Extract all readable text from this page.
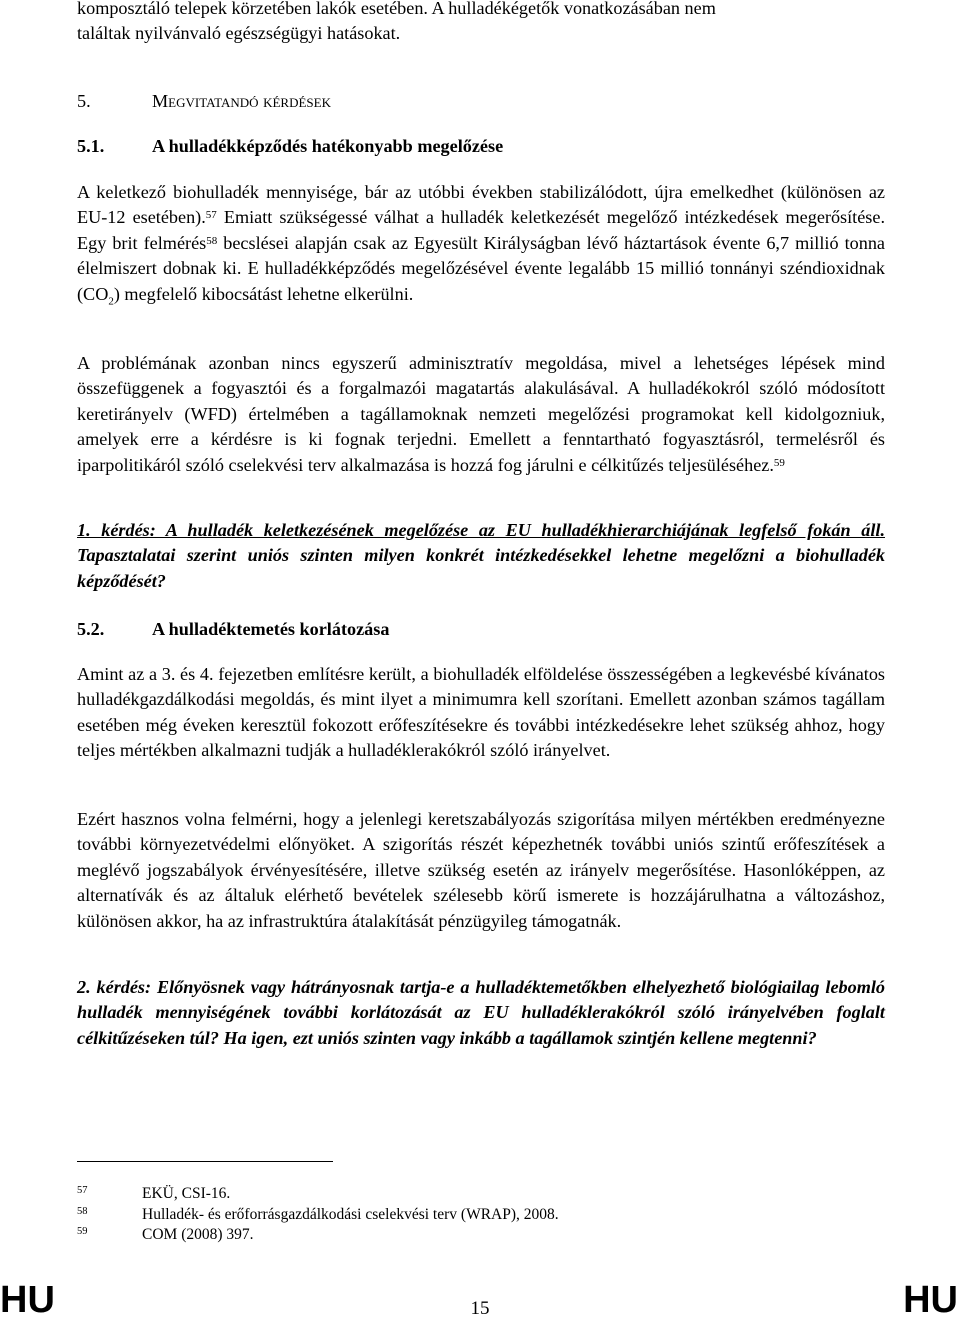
komposztáló telepek körzetében lakók esetében. A hulladékégetők vonatkozásában nem
találtak nyilvánvaló egészségügyi hatásokat.

5.	Megvitatandó kérdések
5.1.	A hulladékképződés hatékonyabb megelőzése

A keletkező biohulladék mennyisége, bár az utóbbi években stabilizálódott, újra emelkedhet (különösen az EU-12 esetében).$^{57}$ Emiatt szükségessé válhat a hulladék keletkezését megelőző intézkedések megerősítése. Egy brit felmérés$^{58}$ becslései alapján csak az Egyesült Királyságban lévő háztartások évente 6,7 millió tonna élelmiszert dobnak ki. E hulladékképződés megelőzésével évente legalább 15 millió tonnányi széndioxidnak $(CO_2)$ megfelelő kibocsátást lehetne elkerülni.

A problémának azonban nincs egyszerű adminisztratív megoldása, mivel a lehetséges lépések mind összefüggenek a fogyasztói és a forgalmazói magatartás alakulásával. A hulladékokról szóló módosított keretirányelv (WFD) értelmében a tagállamoknak nemzeti megelőzési programokat kell kidolgozniuk, amelyek erre a kérdésre is ki fognak terjedni. Emellett a fenntartható fogyasztásról, termelésről és iparpolitikáról szóló cselekvési terv alkalmazása is hozzá fog járulni e célkitűzés teljesüléséhez.$^{59}$

1. kérdés: A hulladék keletkezésének megelőzése az EU hulladékhierarchiájának legfelső fokán áll. Tapasztalatai szerint uniós szinten milyen konkrét intézkedésekkel lehetne megelőzni a biohulladék képződését?

5.2.	A hulladéktemetés korlátozása

Amint az a 3. és 4. fejezetben említésre került, a biohulladék elföldelése összességében a legkevésbé kívánatos hulladékgazdálkodási megoldás, és mint ilyet a minimumra kell szorítani. Emellett azonban számos tagállam esetében még éveken keresztül fokozott erőfeszítésekre és további intézkedésekre lehet szükség ahhoz, hogy teljes mértékben alkalmazni tudják a hulladéklerakókról szóló irányelvet.

Ezért hasznos volna felmérni, hogy a jelenlegi keretszabályozás szigorítása milyen mértékben eredményezne további környezetvédelmi előnyöket. A szigorítás részét képezhetnék további uniós szintű erőfeszítések a meglévő jogszabályok érvényesítésére, illetve szükség esetén az irányelv megerősítése. Hasonlóképpen, az alternatívák és az általuk elérhető bevételek szélesebb körű ismerete is hozzájárulhatna a változáshoz, különösen akkor, ha az infrastruktúra átalakítását pénzügyileg támogatnák.

2. kérdés: Előnyösnek vagy hátrányosnak tartja-e a hulladéktemetőkben elhelyezhető biológiailag lebomló hulladék mennyiségének további korlátozását az EU hulladéklerakókról szóló irányelvében foglalt célkitűzéseken túl? Ha igen, ezt uniós szinten vagy inkább a tagállamok szintjén kellene megtenni?

57	EKÜ, CSI-16.
58	Hulladék- és erőforrásgazdálkodási cselekvési terv (WRAP), 2008.
59	COM (2008) 397.
HU	15	HU
